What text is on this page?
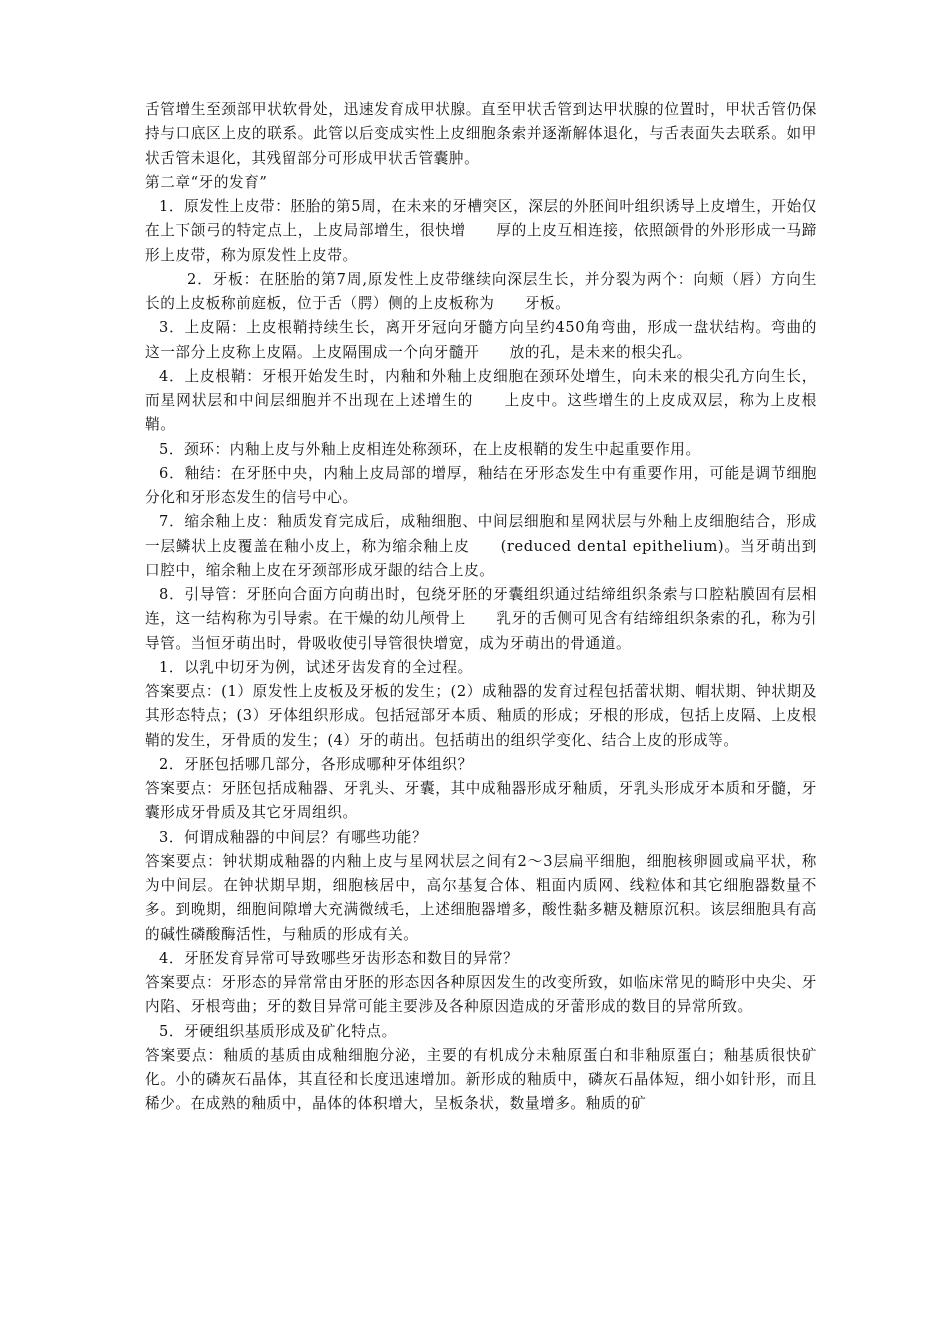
舌管增生至颈部甲状软骨处，迅速发育成甲状腺。直至甲状舌管到达甲状腺的位置时，甲状舌管仍保持与口底区上皮的联系。此管以后变成实性上皮细胞条索并逐渐解体退化，与舌表面失去联系。如甲状舌管未退化，其残留部分可形成甲状舌管囊肿。

第二章“牙的发育”

1．原发性上皮带：胚胎的第5周，在未来的牙槽突区，深层的外胚间叶组织诱导上皮增生，开始仅在上下颌弓的特定点上，上皮局部增生，很快增　　厚的上皮互相连接，依照颌骨的外形形成一马蹄形上皮带，称为原发性上皮带。

2．牙板：在胚胎的第7周,原发性上皮带继续向深层生长，并分裂为两个：向颊（唇）方向生长的上皮板称前庭板，位于舌（腭）侧的上皮板称为　　牙板。

3．上皮隔：上皮根鞘持续生长，离开牙冠向牙髓方向呈约450角弯曲，形成一盘状结构。弯曲的这一部分上皮称上皮隔。上皮隔围成一个向牙髓开　　放的孔，是未来的根尖孔。

4．上皮根鞘：牙根开始发生时，内釉和外釉上皮细胞在颈环处增生，向未来的根尖孔方向生长，而星网状层和中间层细胞并不出现在上述增生的　　上皮中。这些增生的上皮成双层，称为上皮根鞘。

5．颈环：内釉上皮与外釉上皮相连处称颈环，在上皮根鞘的发生中起重要作用。

6．釉结：在牙胚中央，内釉上皮局部的增厚，釉结在牙形态发生中有重要作用，可能是调节细胞分化和牙形态发生的信号中心。

7．缩余釉上皮：釉质发育完成后，成釉细胞、中间层细胞和星网状层与外釉上皮细胞结合，形成一层鳞状上皮覆盖在釉小皮上，称为缩余釉上皮　　(reduced dental epithelium)。当牙萌出到口腔中，缩余釉上皮在牙颈部形成牙龈的结合上皮。

8．引导管：牙胚向合面方向萌出时，包绕牙胚的牙囊组织通过结缔组织条索与口腔粘膜固有层相连，这一结构称为引导索。在干燥的幼儿颅骨上　　乳牙的舌侧可见含有结缔组织条索的孔，称为引导管。当恒牙萌出时，骨吸收使引导管很快增宽，成为牙萌出的骨通道。

1．以乳中切牙为例，试述牙齿发育的全过程。

答案要点：(1）原发性上皮板及牙板的发生；(2）成釉器的发育过程包括蕾状期、帽状期、钟状期及其形态特点；(3）牙体组织形成。包括冠部牙本质、釉质的形成；牙根的形成，包括上皮隔、上皮根鞘的发生，牙骨质的发生；(4）牙的萌出。包括萌出的组织学变化、结合上皮的形成等。

2．牙胚包括哪几部分，各形成哪种牙体组织？

答案要点：牙胚包括成釉器、牙乳头、牙囊，其中成釉器形成牙釉质，牙乳头形成牙本质和牙髓，牙囊形成牙骨质及其它牙周组织。

3．何谓成釉器的中间层？有哪些功能？

答案要点：钟状期成釉器的内釉上皮与星网状层之间有2～3层扁平细胞，细胞核卵圆或扁平状，称为中间层。在钟状期早期，细胞核居中，高尔基复合体、粗面内质网、线粒体和其它细胞器数量不多。到晚期，细胞间隙增大充满微绒毛，上述细胞器增多，酸性黏多糖及糖原沉积。该层细胞具有高的碱性磷酸酶活性，与釉质的形成有关。

4．牙胚发育异常可导致哪些牙齿形态和数目的异常？

答案要点：牙形态的异常常由牙胚的形态因各种原因发生的改变所致，如临床常见的畸形中央尖、牙内陷、牙根弯曲；牙的数目异常可能主要涉及各种原因造成的牙蕾形成的数目的异常所致。

5．牙硬组织基质形成及矿化特点。

答案要点：釉质的基质由成釉细胞分泌，主要的有机成分未釉原蛋白和非釉原蛋白；釉基质很快矿化。小的磷灰石晶体，其直径和长度迅速增加。新形成的釉质中，磷灰石晶体短，细小如针形，而且稀少。在成熟的釉质中，晶体的体积增大，呈板条状，数量增多。釉质的矿
